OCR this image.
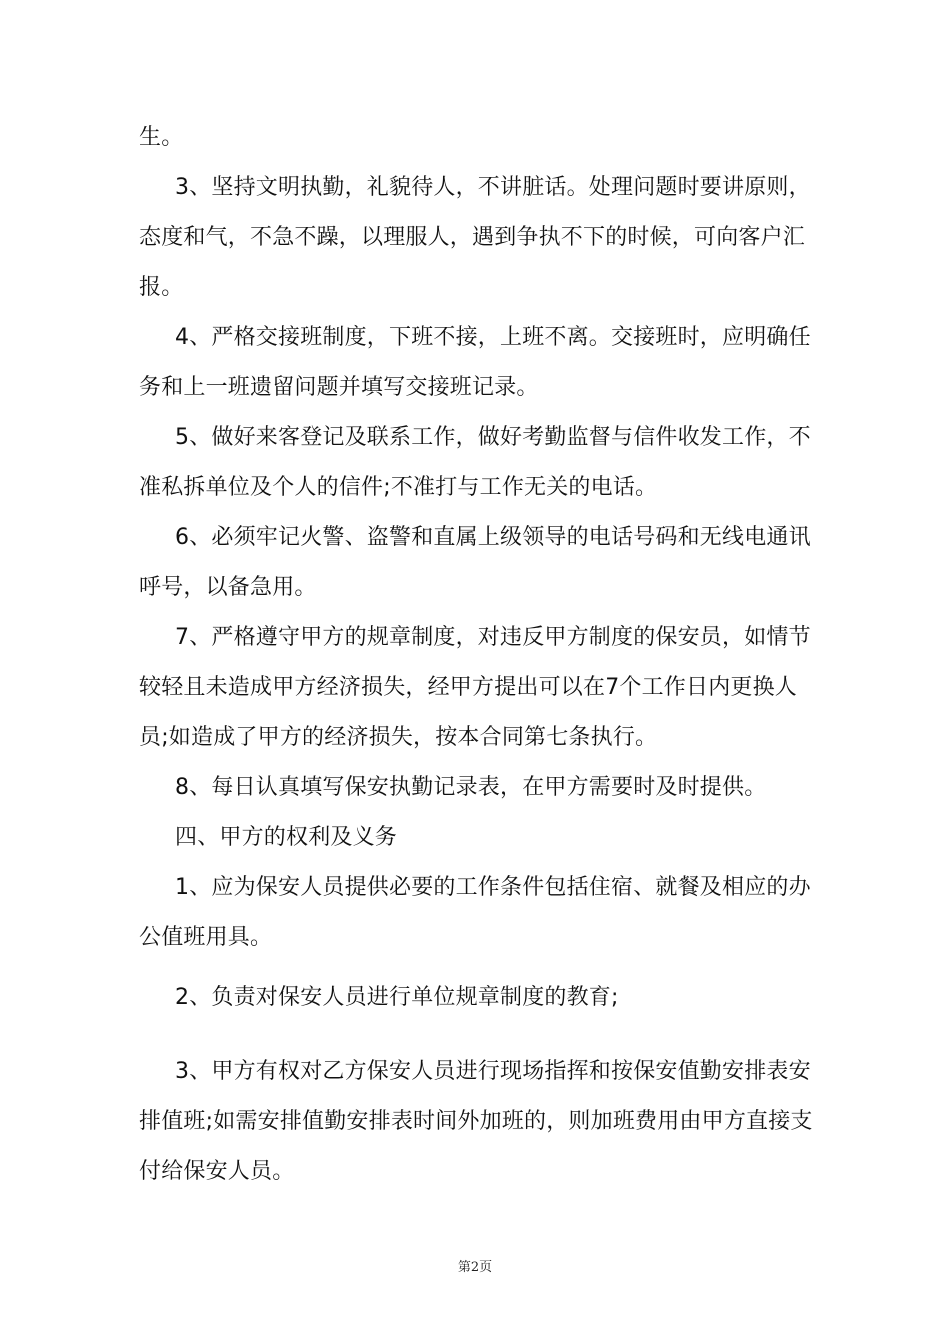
生。
3、坚持文明执勤，礼貌待人，不讲脏话。处理问题时要讲原则，
态度和气，不急不躁，以理服人，遇到争执不下的时候，可向客户汇
报。
4、严格交接班制度，下班不接，上班不离。交接班时，应明确任
务和上一班遗留问题并填写交接班记录。
5、做好来客登记及联系工作，做好考勤监督与信件收发工作，不
准私拆单位及个人的信件;不准打与工作无关的电话。
6、必须牢记火警、盗警和直属上级领导的电话号码和无线电通讯
呼号，以备急用。
7、严格遵守甲方的规章制度，对违反甲方制度的保安员，如情节
较轻且未造成甲方经济损失，经甲方提出可以在7个工作日内更换人
员;如造成了甲方的经济损失，按本合同第七条执行。
8、每日认真填写保安执勤记录表，在甲方需要时及时提供。
四、甲方的权利及义务
1、应为保安人员提供必要的工作条件包括住宿、就餐及相应的办
公值班用具。
2、负责对保安人员进行单位规章制度的教育;
3、甲方有权对乙方保安人员进行现场指挥和按保安值勤安排表安
排值班;如需安排值勤安排表时间外加班的，则加班费用由甲方直接支
付给保安人员。
第2页
